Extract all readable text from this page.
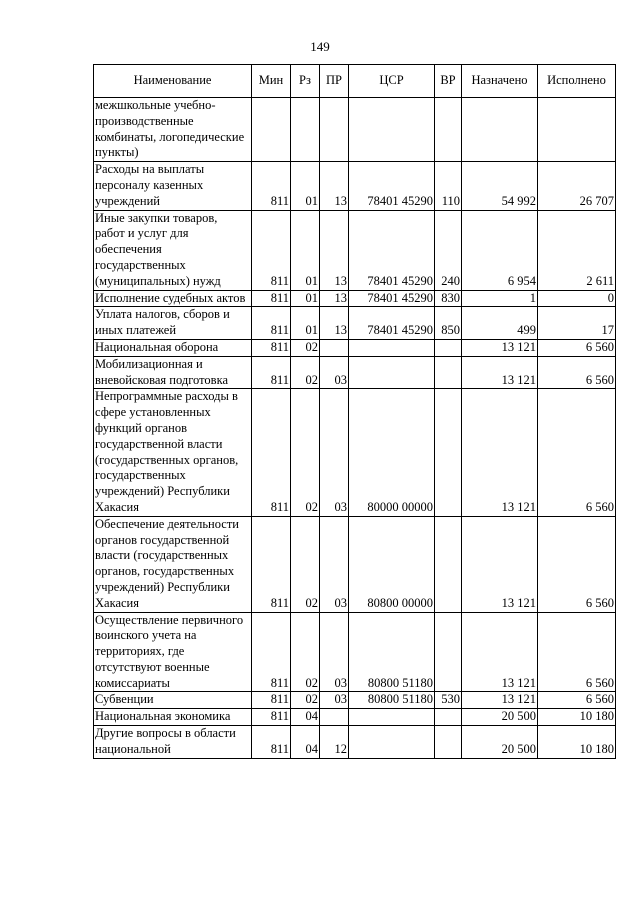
149
Наименование	Мин	Рз	ПР	ЦСР	ВР	Назначено	Исполнено
межшкольные учебно-производственные комбинаты, логопедические пункты)							
Расходы на выплаты персоналу казенных учреждений	811	01	13	78401 45290	110	54 992	26 707
Иные закупки товаров, работ и услуг для обеспечения государственных (муниципальных) нужд	811	01	13	78401 45290	240	6 954	2 611
Исполнение судебных актов	811	01	13	78401 45290	830	1	0
Уплата налогов, сборов и иных платежей	811	01	13	78401 45290	850	499	17
Национальная оборона	811	02				13 121	6 560
Мобилизационная и вневойсковая подготовка	811	02	03			13 121	6 560
Непрограммные расходы в сфере установленных функций органов государственной власти (государственных органов, государственных учреждений) Республики Хакасия	811	02	03	80000 00000		13 121	6 560
Обеспечение деятельности органов государственной власти (государственных органов, государственных учреждений) Республики Хакасия	811	02	03	80800 00000		13 121	6 560
Осуществление первичного воинского учета на территориях, где отсутствуют военные комиссариаты	811	02	03	80800 51180		13 121	6 560
Субвенции	811	02	03	80800 51180	530	13 121	6 560
Национальная экономика	811	04				20 500	10 180
Другие вопросы в области национальной	811	04	12			20 500	10 180
